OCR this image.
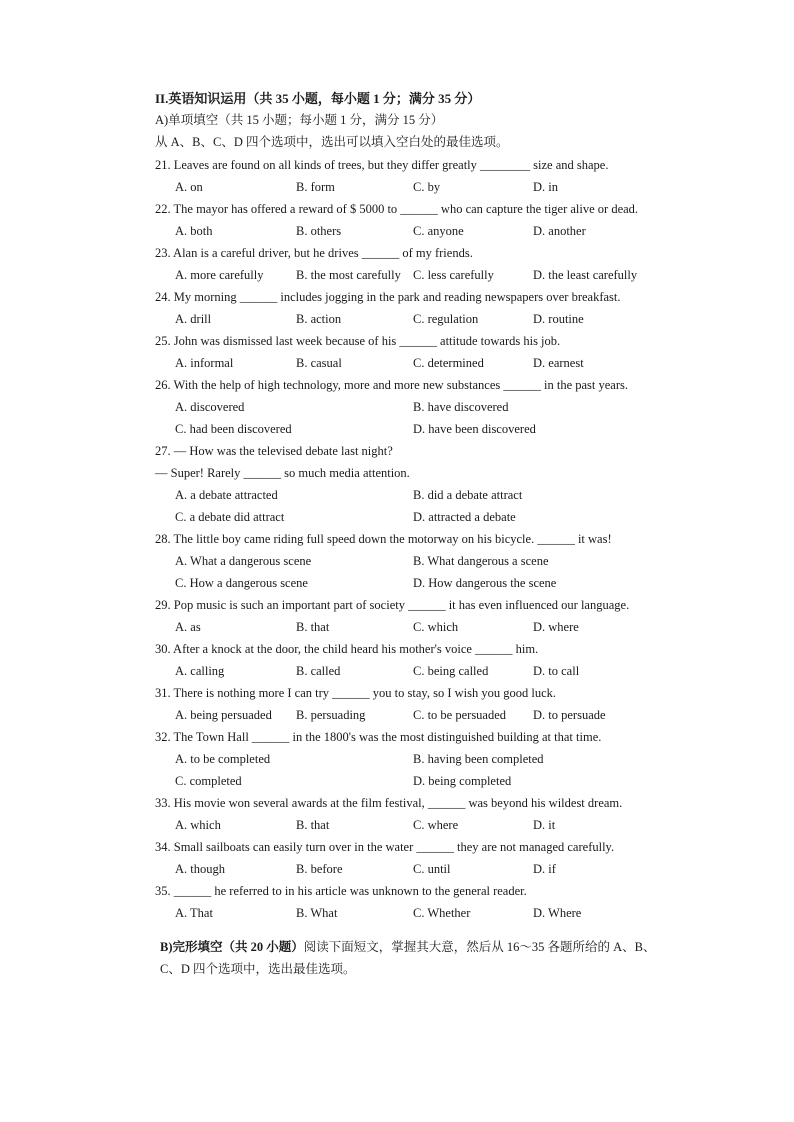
II.英语知识运用（共 35 小题，每小题 1 分；满分 35 分）
A)单项填空（共 15 小题；每小题 1 分，满分 15 分）
从 A、B、C、D 四个选项中，选出可以填入空白处的最佳选项。
21. Leaves are found on all kinds of trees, but they differ greatly ________ size and shape.
A. on	B. form	C. by	D. in
22. The mayor has offered a reward of $ 5000 to ______ who can capture the tiger alive or dead.
A. both	B. others	C. anyone	D. another
23. Alan is a careful driver, but he drives ______ of my friends.
A. more carefully	B. the most carefully C. less carefully	D. the least carefully
24. My morning ______ includes jogging in the park and reading newspapers over breakfast.
A. drill	B. action	C. regulation	D. routine
25. John was dismissed last week because of his ______ attitude towards his job.
A. informal	B. casual	C. determined	D. earnest
26. With the help of high technology, more and more new substances ______ in the past years.
A. discovered	B. have discovered
C. had been discovered	D. have been discovered
27. — How was the televised debate last night?
— Super! Rarely ______ so much media attention.
A. a debate attracted	B. did a debate attract
C. a debate did attract	D. attracted a debate
28. The little boy came riding full speed down the motorway on his bicycle. ______ it was!
A. What a dangerous scene	B. What dangerous a scene
C. How a dangerous scene	D. How dangerous the scene
29. Pop music is such an important part of society ______ it has even influenced our language.
A. as	B. that	C. which	D. where
30. After a knock at the door, the child heard his mother's voice ______ him.
A. calling	B. called	C. being called	D. to call
31. There is nothing more I can try ______ you to stay, so I wish you good luck.
A. being persuaded B. persuading	C. to be persuaded D. to persuade
32. The Town Hall ______ in the 1800's was the most distinguished building at that time.
A. to be completed	B. having been completed
C. completed	D. being completed
33. His movie won several awards at the film festival, ______ was beyond his wildest dream.
A. which	B. that	C. where	D. it
34. Small sailboats can easily turn over in the water ______ they are not managed carefully.
A. though	B. before	C. until	D. if
35. ______ he referred to in his article was unknown to the general reader.
A. That	B. What	C. Whether	D. Where
B)完形填空（共 20 小题）阅读下面短文，掌握其大意，然后从 16～35 各题所给的 A、B、
C、D 四个选项中，选出最佳选项。
